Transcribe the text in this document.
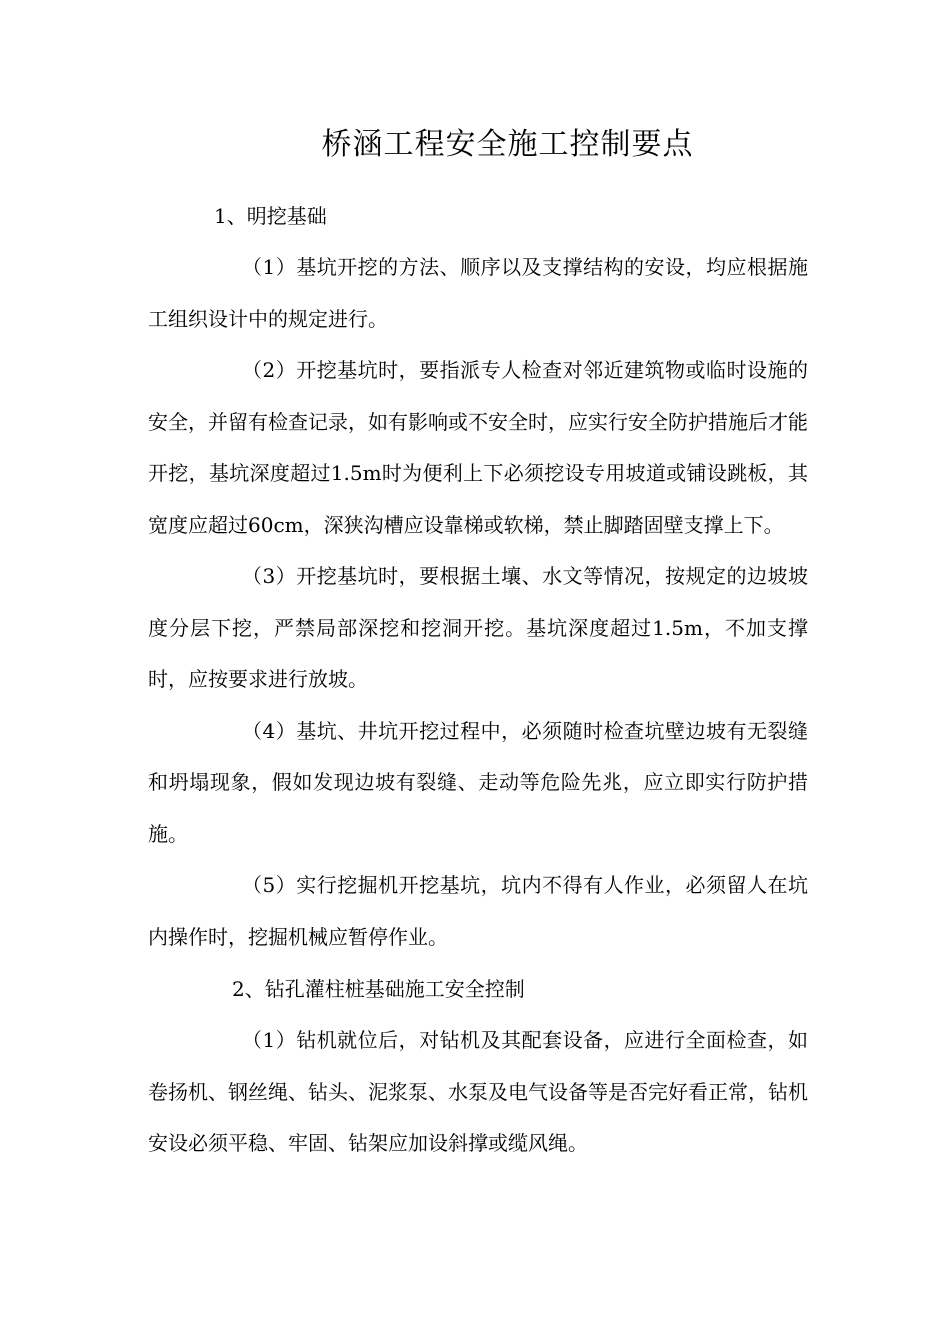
桥涵工程安全施工控制要点

1、明挖基础

（1）基坑开挖的方法、顺序以及支撑结构的安设，均应根据施工组织设计中的规定进行。

（2）开挖基坑时，要指派专人检查对邻近建筑物或临时设施的安全，并留有检查记录，如有影响或不安全时，应实行安全防护措施后才能开挖，基坑深度超过1.5m时为便利上下必须挖设专用坡道或铺设跳板，其宽度应超过60cm，深狭沟槽应设靠梯或软梯，禁止脚踏固壁支撑上下。

（3）开挖基坑时，要根据土壤、水文等情况，按规定的边坡坡度分层下挖，严禁局部深挖和挖洞开挖。基坑深度超过1.5m，不加支撑时，应按要求进行放坡。

（4）基坑、井坑开挖过程中，必须随时检查坑壁边坡有无裂缝和坍塌现象，假如发现边坡有裂缝、走动等危险先兆，应立即实行防护措施。

（5）实行挖掘机开挖基坑，坑内不得有人作业，必须留人在坑内操作时，挖掘机械应暂停作业。

2、钻孔灌柱桩基础施工安全控制

（1）钻机就位后，对钻机及其配套设备，应进行全面检查，如卷扬机、钢丝绳、钻头、泥浆泵、水泵及电气设备等是否完好看正常，钻机安设必须平稳、牢固、钻架应加设斜撑或缆风绳。
